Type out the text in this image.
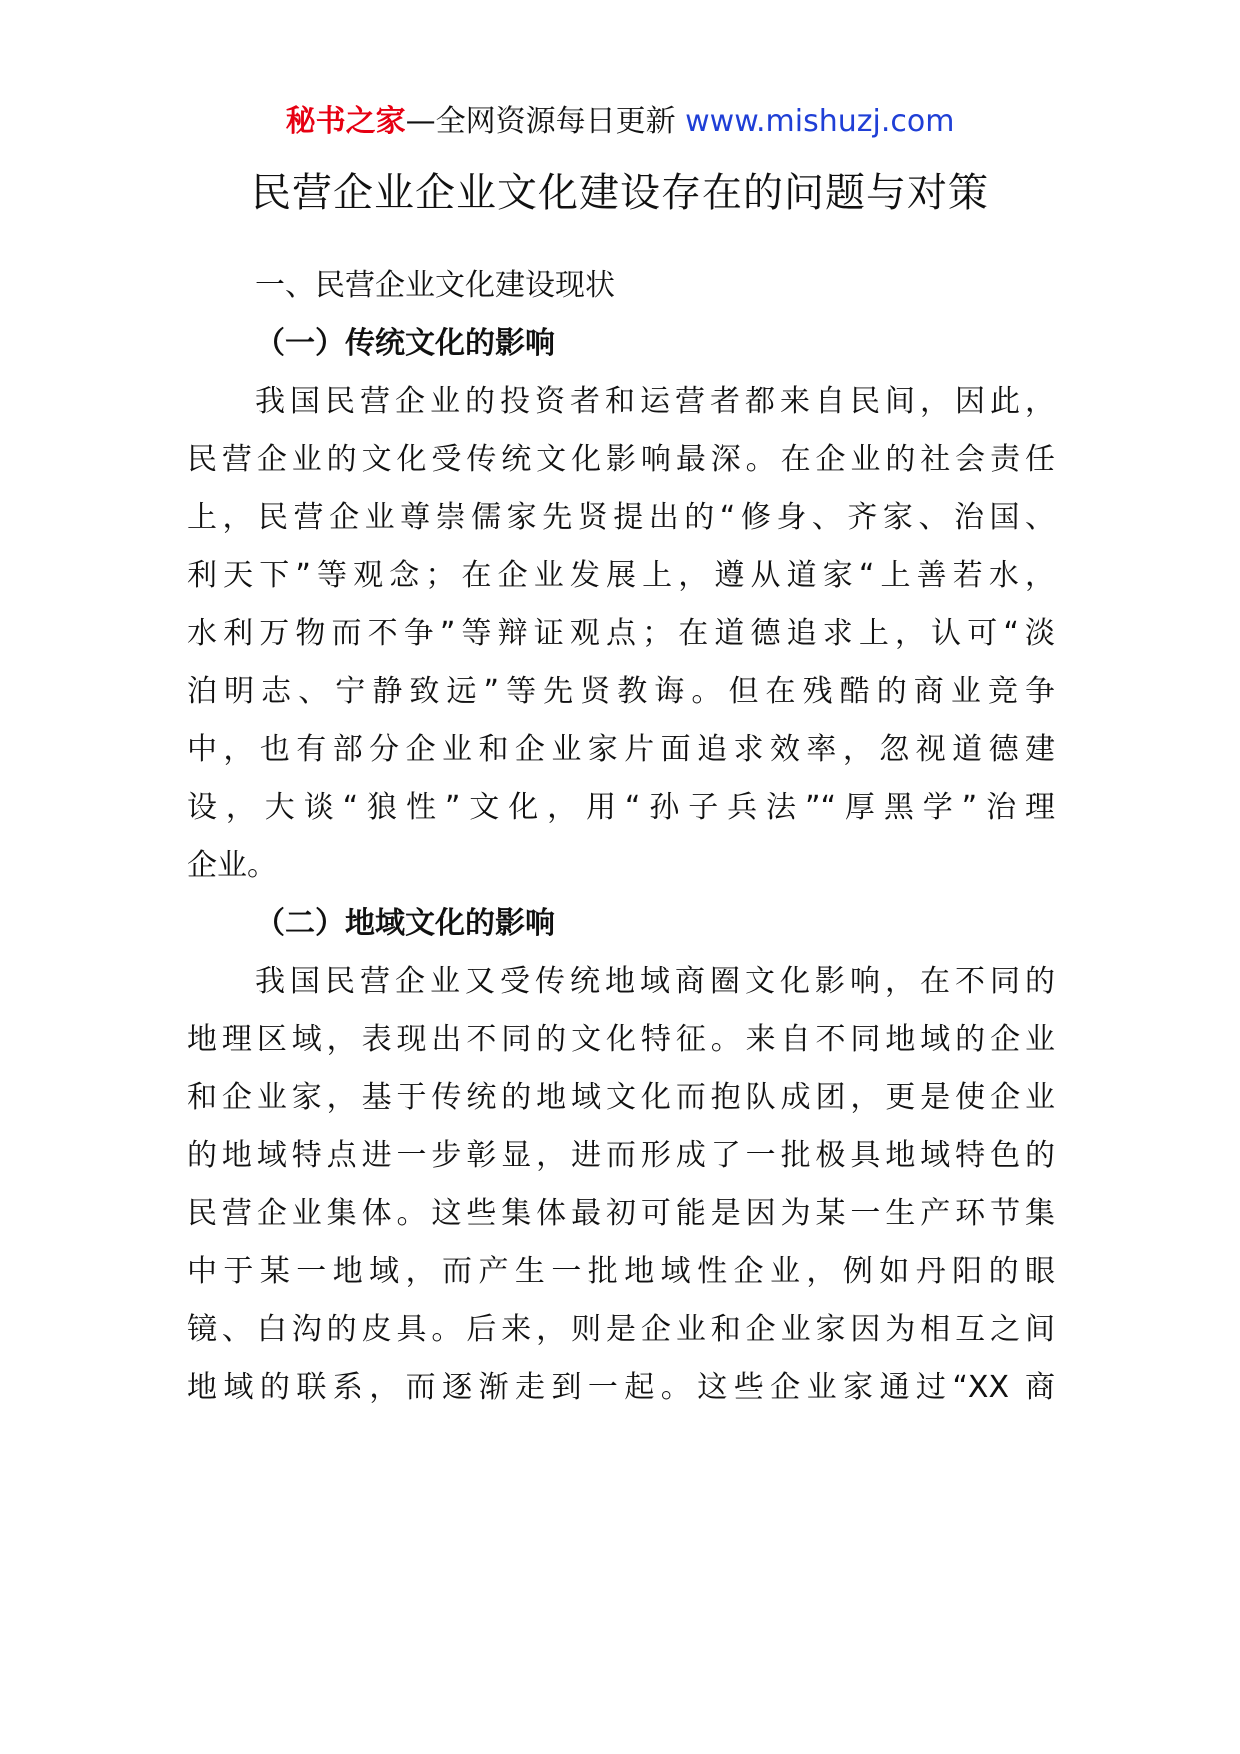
秘书之家—全网资源每日更新 www.mishuzj.com
民营企业企业文化建设存在的问题与对策
一、民营企业文化建设现状
（一）传统文化的影响
我国民营企业的投资者和运营者都来自民间，因此，
民营企业的文化受传统文化影响最深。在企业的社会责任
上，民营企业尊崇儒家先贤提出的“修身、齐家、治国、
利天下”等观念；在企业发展上，遵从道家“上善若水，
水利万物而不争”等辩证观点；在道德追求上，认可“淡
泊明志、宁静致远”等先贤教诲。但在残酷的商业竞争
中，也有部分企业和企业家片面追求效率，忽视道德建
设，大谈“狼性”文化，用“孙子兵法”“厚黑学”治理
企业。
（二）地域文化的影响
我国民营企业又受传统地域商圈文化影响，在不同的
地理区域，表现出不同的文化特征。来自不同地域的企业
和企业家，基于传统的地域文化而抱队成团，更是使企业
的地域特点进一步彰显，进而形成了一批极具地域特色的
民营企业集体。这些集体最初可能是因为某一生产环节集
中于某一地域，而产生一批地域性企业，例如丹阳的眼
镜、白沟的皮具。后来，则是企业和企业家因为相互之间
地域的联系，而逐渐走到一起。这些企业家通过“XX 商
